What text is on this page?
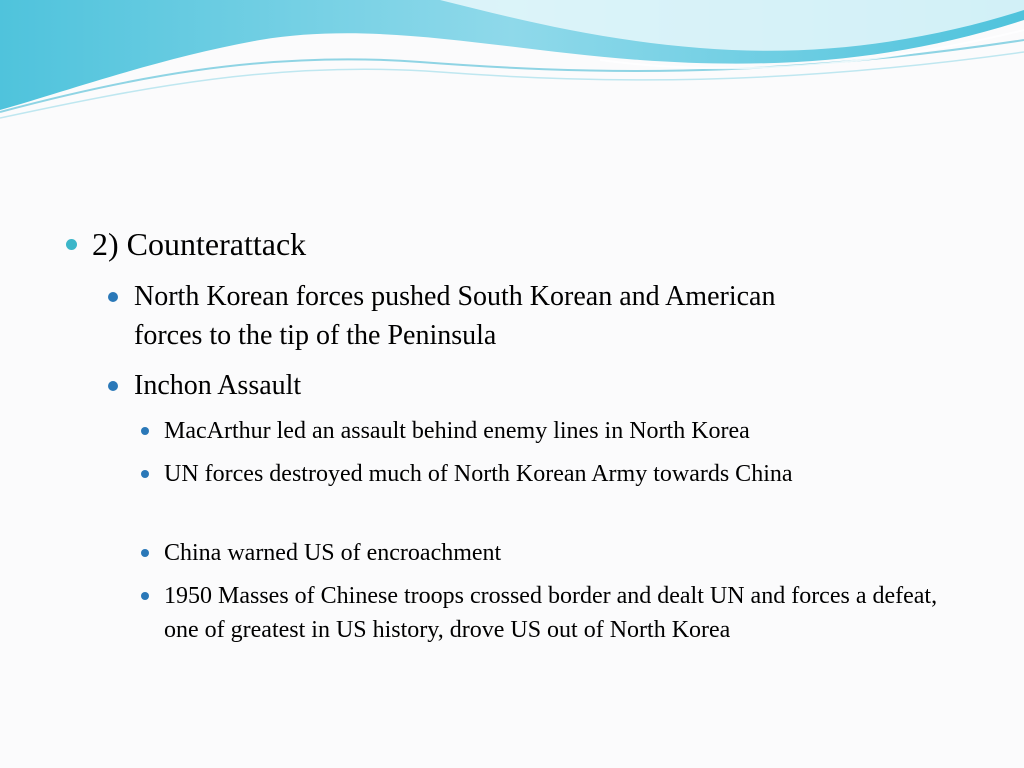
2) Counterattack
North Korean forces pushed South Korean and American forces to the tip of the Peninsula
Inchon Assault
MacArthur led an assault behind enemy lines in North Korea
UN forces destroyed much of North Korean Army towards China
China warned US of encroachment
1950 Masses of Chinese troops crossed border and dealt UN and forces a defeat, one of greatest in US history, drove US out of North Korea
